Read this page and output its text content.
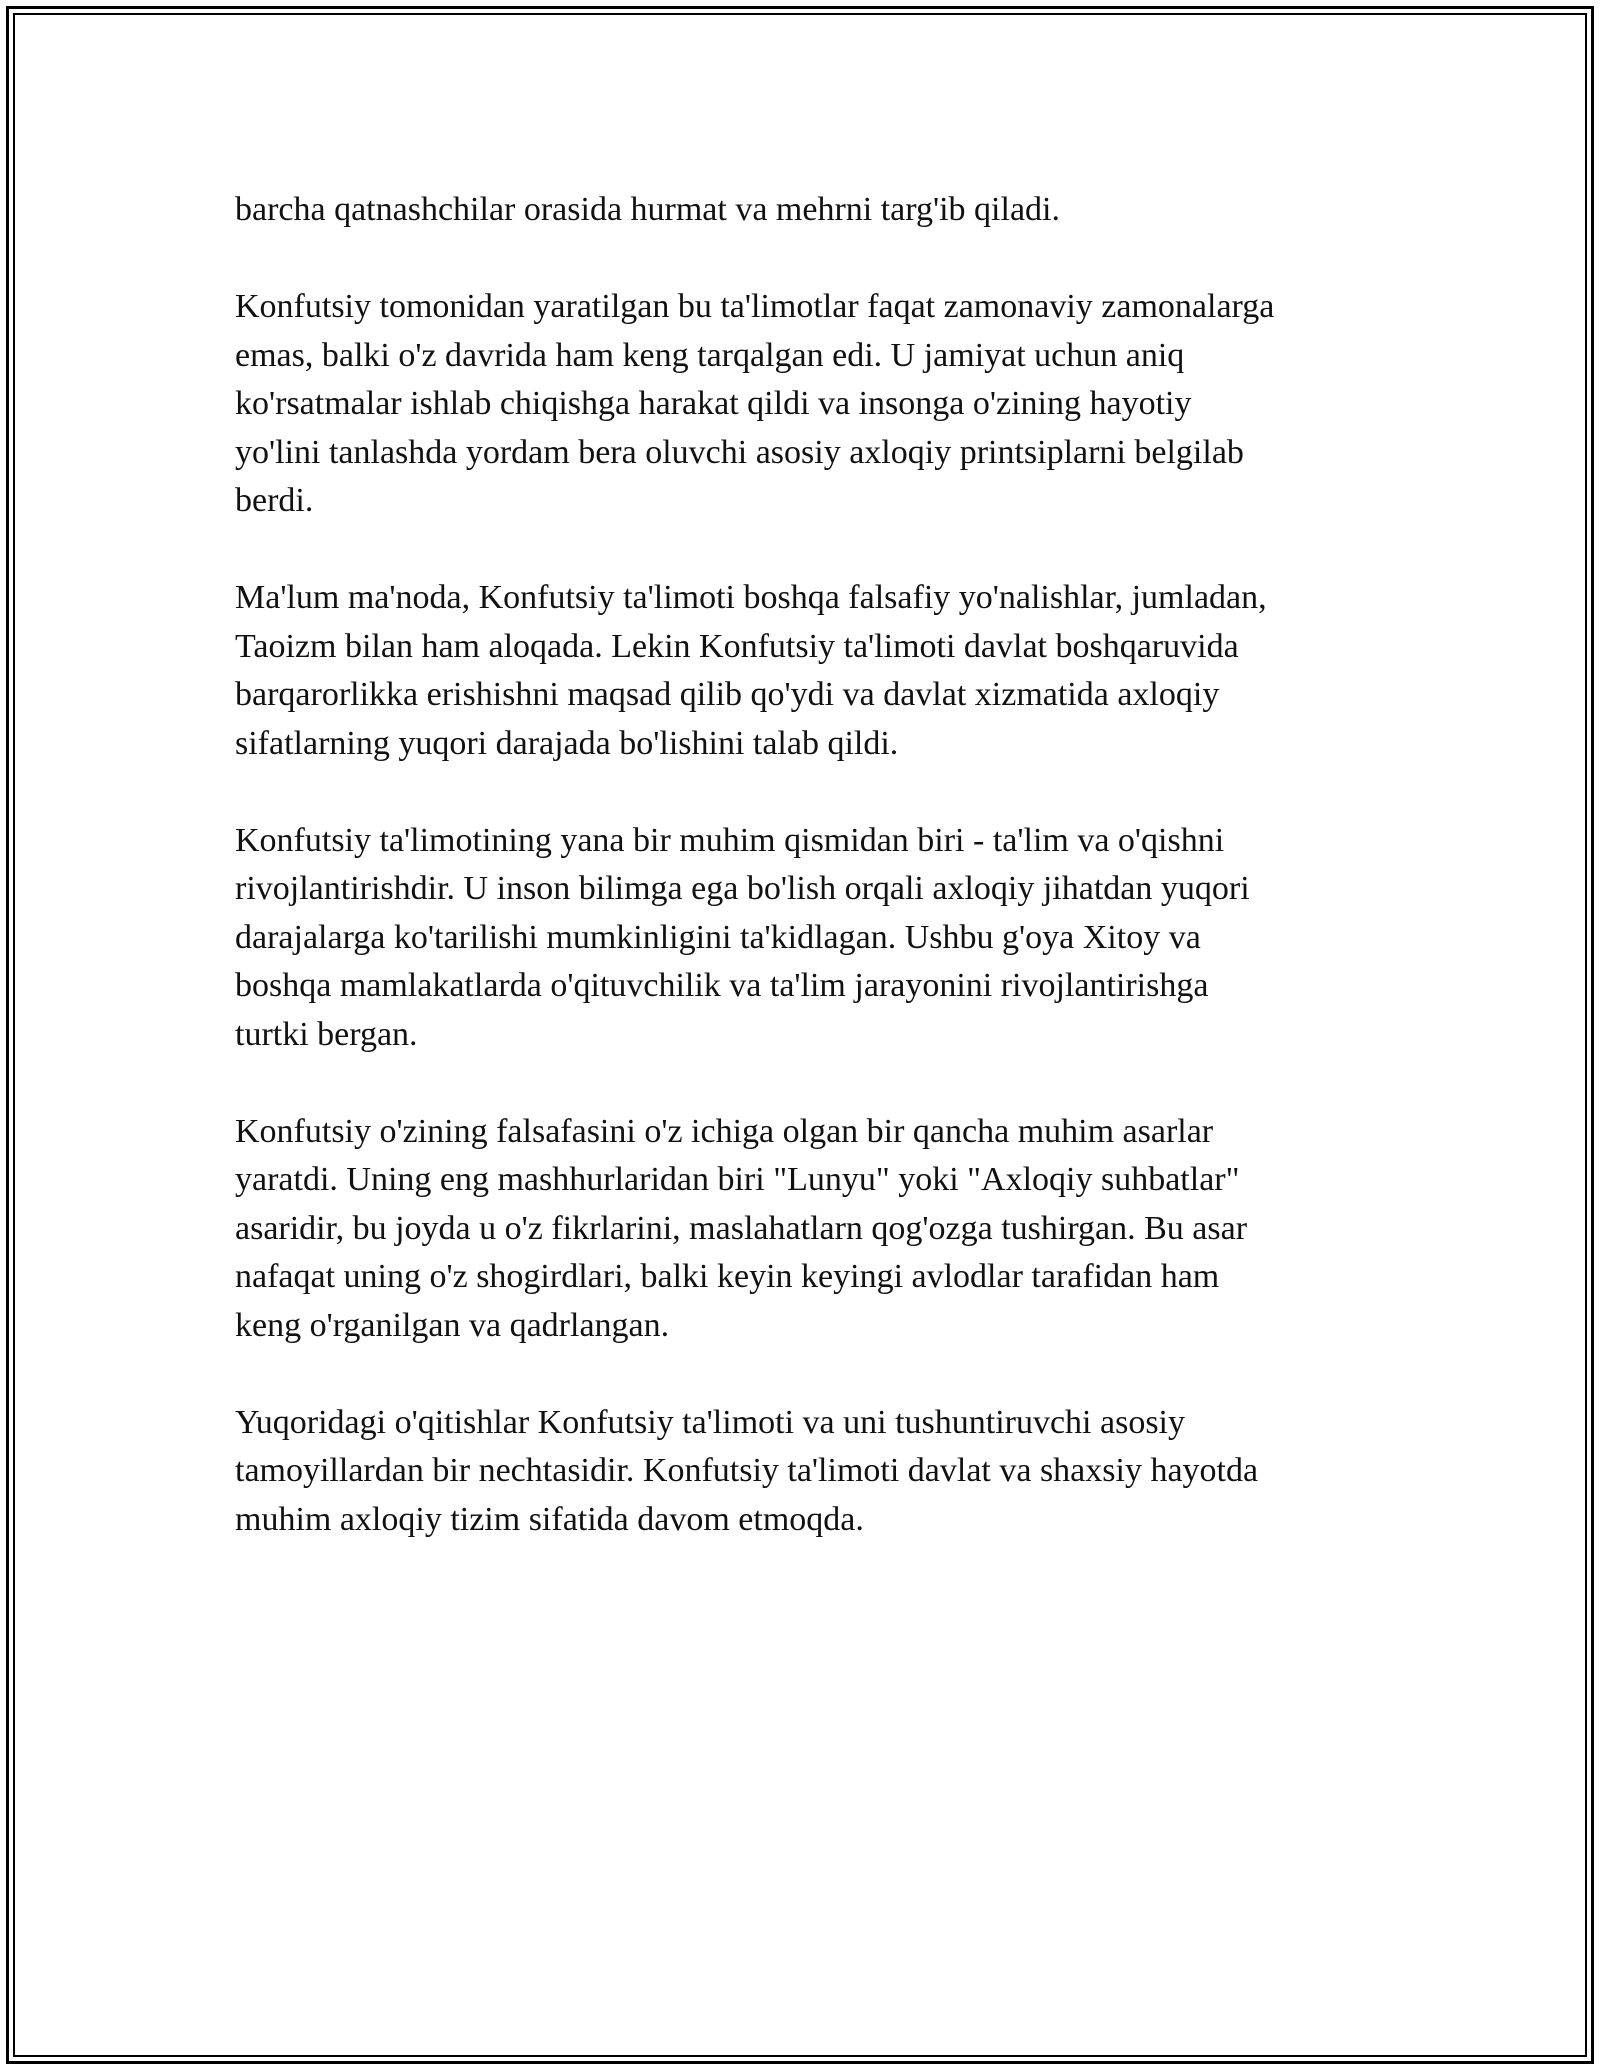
barcha qatnashchilar orasida hurmat va mehrni targ'ib qiladi.

Konfutsiy tomonidan yaratilgan bu ta'limotlar faqat zamonaviy zamonalarga
emas, balki o'z davrida ham keng tarqalgan edi. U jamiyat uchun aniq
ko'rsatmalar ishlab chiqishga harakat qildi va insonga o'zining hayotiy
yo'lini tanlashda yordam bera oluvchi asosiy axloqiy printsiplarni belgilab
berdi.

Ma'lum ma'noda, Konfutsiy ta'limoti boshqa falsafiy yo'nalishlar, jumladan,
Taoizm bilan ham aloqada. Lekin Konfutsiy ta'limoti davlat boshqaruvida
barqarorlikka erishishni maqsad qilib qo'ydi va davlat xizmatida axloqiy
sifatlarning yuqori darajada bo'lishini talab qildi.

Konfutsiy ta'limotining yana bir muhim qismidan biri - ta'lim va o'qishni
rivojlantirishdir. U inson bilimga ega bo'lish orqali axloqiy jihatdan yuqori
darajalarga ko'tarilishi mumkinligini ta'kidlagan. Ushbu g'oya Xitoy va
boshqa mamlakatlarda o'qituvchilik va ta'lim jarayonini rivojlantirishga
turtki bergan.

Konfutsiy o'zining falsafasini o'z ichiga olgan bir qancha muhim asarlar
yaratdi. Uning eng mashhurlaridan biri "Lunyu" yoki "Axloqiy suhbatlar"
asaridir, bu joyda u o'z fikrlarini, maslahatlarn qog'ozga tushirgan. Bu asar
nafaqat uning o'z shogirdlari, balki keyin keyingi avlodlar tarafidan ham
keng o'rganilgan va qadrlangan.

Yuqoridagi o'qitishlar Konfutsiy ta'limoti va uni tushuntiruvchi asosiy
tamoyillardan bir nechtasidir. Konfutsiy ta'limoti davlat va shaxsiy hayotda
muhim axloqiy tizim sifatida davom etmoqda.
